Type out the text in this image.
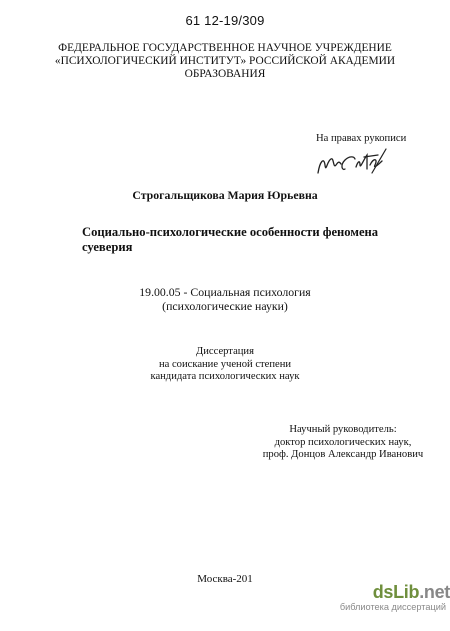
61 12-19/309
ФЕДЕРАЛЬНОЕ ГОСУДАРСТВЕННОЕ НАУЧНОЕ УЧРЕЖДЕНИЕ
«ПСИХОЛОГИЧЕСКИЙ ИНСТИТУТ» РОССИЙСКОЙ АКАДЕМИИ
ОБРАЗОВАНИЯ
На правах рукописи
Строгальщикова Мария Юрьевна
Социально-психологические особенности феномена
суеверия
19.00.05 - Социальная психология
(психологические науки)
Диссертация
на соискание ученой степени
кандидата психологических наук
Научный руководитель:
доктор психологических наук,
проф. Донцов Александр Иванович
Москва-201
dsLib.net
библиотека диссертаций
